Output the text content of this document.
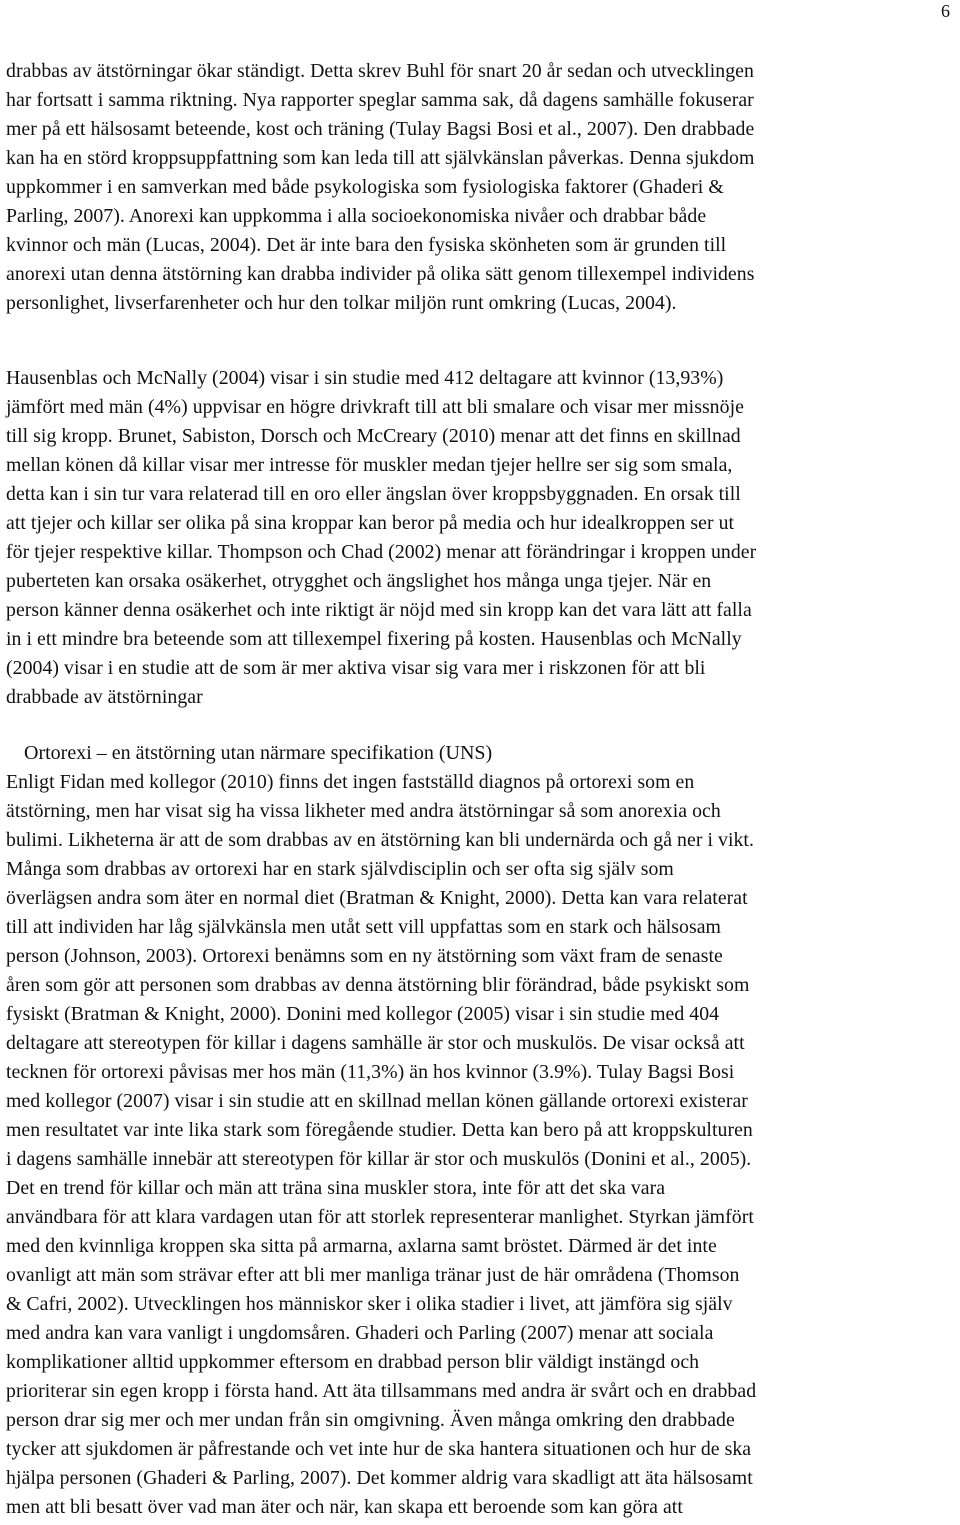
6
drabbas av ätstörningar ökar ständigt. Detta skrev Buhl för snart 20 år sedan och utvecklingen
har fortsatt i samma riktning. Nya rapporter speglar samma sak, då dagens samhälle fokuserar
mer på ett hälsosamt beteende, kost och träning (Tulay Bagsi Bosi et al., 2007). Den drabbade
kan ha en störd kroppsuppfattning som kan leda till att självkänslan påverkas. Denna sjukdom
uppkommer i en samverkan med både psykologiska som fysiologiska faktorer (Ghaderi &
Parling, 2007). Anorexi kan uppkomma i alla socioekonomiska nivåer och drabbar både
kvinnor och män (Lucas, 2004). Det är inte bara den fysiska skönheten som är grunden till
anorexi utan denna ätstörning kan drabba individer på olika sätt genom tillexempel individens
personlighet, livserfarenheter och hur den tolkar miljön runt omkring (Lucas, 2004).
Hausenblas och McNally (2004) visar i sin studie med 412 deltagare att kvinnor (13,93%)
jämfört med män (4%) uppvisar en högre drivkraft till att bli smalare och visar mer missnöje
till sig kropp. Brunet, Sabiston, Dorsch och McCreary (2010) menar att det finns en skillnad
mellan könen då killar visar mer intresse för muskler medan tjejer hellre ser sig som smala,
detta kan i sin tur vara relaterad till en oro eller ängslan över kroppsbyggnaden. En orsak till
att tjejer och killar ser olika på sina kroppar kan beror på media och hur idealkroppen ser ut
för tjejer respektive killar. Thompson och Chad (2002) menar att förändringar i kroppen under
puberteten kan orsaka osäkerhet, otrygghet och ängslighet hos många unga tjejer. När en
person känner denna osäkerhet och inte riktigt är nöjd med sin kropp kan det vara lätt att falla
in i ett mindre bra beteende som att tillexempel fixering på kosten. Hausenblas och McNally
(2004) visar i en studie att de som är mer aktiva visar sig vara mer i riskzonen för att bli
drabbade av ätstörningar
Ortorexi – en ätstörning utan närmare specifikation (UNS)
Enligt Fidan med kollegor (2010) finns det ingen fastställd diagnos på ortorexi som en
ätstörning, men har visat sig ha vissa likheter med andra ätstörningar så som anorexia och
bulimi. Likheterna är att de som drabbas av en ätstörning kan bli undernärda och gå ner i vikt.
Många som drabbas av ortorexi har en stark självdisciplin och ser ofta sig själv som
överlägsen andra som äter en normal diet (Bratman & Knight, 2000). Detta kan vara relaterat
till att individen har låg självkänsla men utåt sett vill uppfattas som en stark och hälsosam
person (Johnson, 2003). Ortorexi benämns som en ny ätstörning som växt fram de senaste
åren som gör att personen som drabbas av denna ätstörning blir förändrad, både psykiskt som
fysiskt (Bratman & Knight, 2000). Donini med kollegor (2005) visar i sin studie med 404
deltagare att stereotypen för killar i dagens samhälle är stor och muskulös. De visar också att
tecknen för ortorexi påvisas mer hos män (11,3%) än hos kvinnor (3.9%). Tulay Bagsi Bosi
med kollegor (2007) visar i sin studie att en skillnad mellan könen gällande ortorexi existerar
men resultatet var inte lika stark som föregående studier. Detta kan bero på att kroppskulturen
i dagens samhälle innebär att stereotypen för killar är stor och muskulös (Donini et al., 2005).
Det en trend för killar och män att träna sina muskler stora, inte för att det ska vara
användbara för att klara vardagen utan för att storlek representerar manlighet. Styrkan jämfört
med den kvinnliga kroppen ska sitta på armarna, axlarna samt bröstet. Därmed är det inte
ovanligt att män som strävar efter att bli mer manliga tränar just de här områdena (Thomson
& Cafri, 2002). Utvecklingen hos människor sker i olika stadier i livet, att jämföra sig själv
med andra kan vara vanligt i ungdomsåren. Ghaderi och Parling (2007) menar att sociala
komplikationer alltid uppkommer eftersom en drabbad person blir väldigt instängd och
prioriterar sin egen kropp i första hand. Att äta tillsammans med andra är svårt och en drabbad
person drar sig mer och mer undan från sin omgivning. Även många omkring den drabbade
tycker att sjukdomen är påfrestande och vet inte hur de ska hantera situationen och hur de ska
hjälpa personen (Ghaderi & Parling, 2007). Det kommer aldrig vara skadligt att äta hälsosamt
men att bli besatt över vad man äter och när, kan skapa ett beroende som kan göra att
